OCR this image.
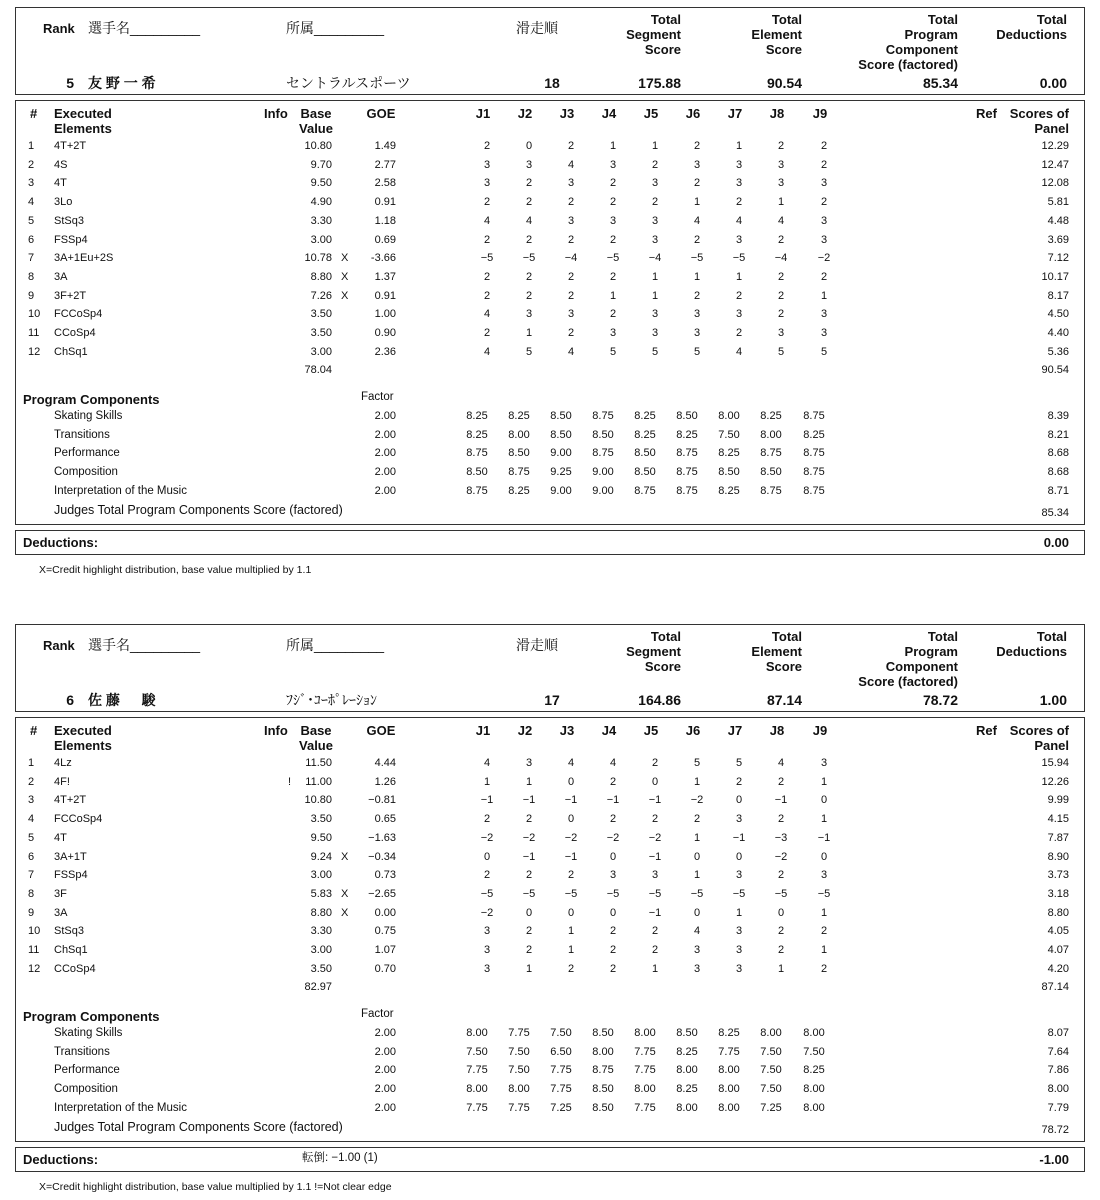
Rank 選手名_________	所属_________	滑走順
Total
Segment
Score
Total
Element
Score
Total
Program
Component
Score (factored)
Total
Deductions
5 友 野 一 希	セントラルスポーツ	18	175.88	90.54	85.34	0.00
# Executed
Elements
Info Base
Value
GOE	J1	J2	J3	J4	J5	J6	J7	J8	J9	Ref Scores of
Panel
1 4T+2T	10.80	1.49	2	0	2	1	1	2	1	2	2	12.29
2 4S	9.70	2.77	3	3	4	3	2	3	3	3	2	12.47
3 4T	9.50	2.58	3	2	3	2	3	2	3	3	3	12.08
4 3Lo	4.90	0.91	2	2	2	2	2	1	2	1	2	5.81
5 StSq3	3.30	1.18	4	4	3	3	3	4	4	4	3	4.48
6 FSSp4	3.00	0.69	2	2	2	2	3	2	3	2	3	3.69
7 3A+1Eu+2S	10.78 X	-3.66	−5	−5	−4	−5	−4	−5	−5	−4	−2	7.12
8 3A	8.80 X	1.37	2	2	2	2	1	1	1	2	2	10.17
9 3F+2T	7.26 X	0.91	2	2	2	1	1	2	2	2	1	8.17
10 FCCoSp4	3.50	1.00	4	3	3	2	3	3	3	2	3	4.50
11 CCoSp4	3.50	0.90	2	1	2	3	3	3	2	3	3	4.40
12 ChSq1	3.00	2.36	4	5	4	5	5	5	4	5	5	5.36
78.04	90.54
Program Components	Factor
Skating Skills	2.00	8.25	8.25	8.50	8.75	8.25	8.50	8.00	8.25	8.75	8.39
Transitions	2.00	8.25	8.00	8.50	8.50	8.25	8.25	7.50	8.00	8.25	8.21
Performance	2.00	8.75	8.50	9.00	8.75	8.50	8.75	8.25	8.75	8.75	8.68
Composition	2.00	8.50	8.75	9.25	9.00	8.50	8.75	8.50	8.50	8.75	8.68
Interpretation of the Music	2.00	8.75	8.25	9.00	9.00	8.75	8.75	8.25	8.75	8.75	8.71
Judges Total Program Components Score (factored)	85.34
Deductions:	0.00
X=Credit highlight distribution, base value multiplied by 1.1
Rank 選手名_________	所属_________	滑走順
Total
Segment
Score
Total
Element
Score
Total
Program
Component
Score (factored)
Total
Deductions
6 佐 藤 　 駿	ﾌｼﾞ･ｺｰﾎﾟﾚｰｼｮﾝ	17	164.86	87.14	78.72	1.00
# Executed
Elements
Info Base
Value
GOE	J1	J2	J3	J4	J5	J6	J7	J8	J9	Ref Scores of
Panel
1 4Lz	11.50	4.44	4	3	4	4	2	5	5	4	3	15.94
2 4F!	!	11.00	1.26	1	1	0	2	0	1	2	2	1	12.26
3 4T+2T	10.80	−0.81	−1	−1	−1	−1	−1	−2	0	−1	0	9.99
4 FCCoSp4	3.50	0.65	2	2	0	2	2	2	3	2	1	4.15
5 4T	9.50	−1.63	−2	−2	−2	−2	−2	1	−1	−3	−1	7.87
6 3A+1T	9.24 X	−0.34	0	−1	−1	0	−1	0	0	−2	0	8.90
7 FSSp4	3.00	0.73	2	2	2	3	3	1	3	2	3	3.73
8 3F	5.83 X	−2.65	−5	−5	−5	−5	−5	−5	−5	−5	−5	3.18
9 3A	8.80 X	0.00	−2	0	0	0	−1	0	1	0	1	8.80
10 StSq3	3.30	0.75	3	2	1	2	2	4	3	2	2	4.05
11 ChSq1	3.00	1.07	3	2	1	2	2	3	3	2	1	4.07
12 CCoSp4	3.50	0.70	3	1	2	2	1	3	3	1	2	4.20
82.97	87.14
Program Components	Factor
Skating Skills	2.00	8.00	7.75	7.50	8.50	8.00	8.50	8.25	8.00	8.00	8.07
Transitions	2.00	7.50	7.50	6.50	8.00	7.75	8.25	7.75	7.50	7.50	7.64
Performance	2.00	7.75	7.50	7.75	8.75	7.75	8.00	8.00	7.50	8.25	7.86
Composition	2.00	8.00	8.00	7.75	8.50	8.00	8.25	8.00	7.50	8.00	8.00
Interpretation of the Music	2.00	7.75	7.75	7.25	8.50	7.75	8.00	8.00	7.25	8.00	7.79
Judges Total Program Components Score (factored)	78.72
Deductions:	転倒: −1.00 (1)	-1.00
X=Credit highlight distribution, base value multiplied by 1.1 !=Not clear edge
